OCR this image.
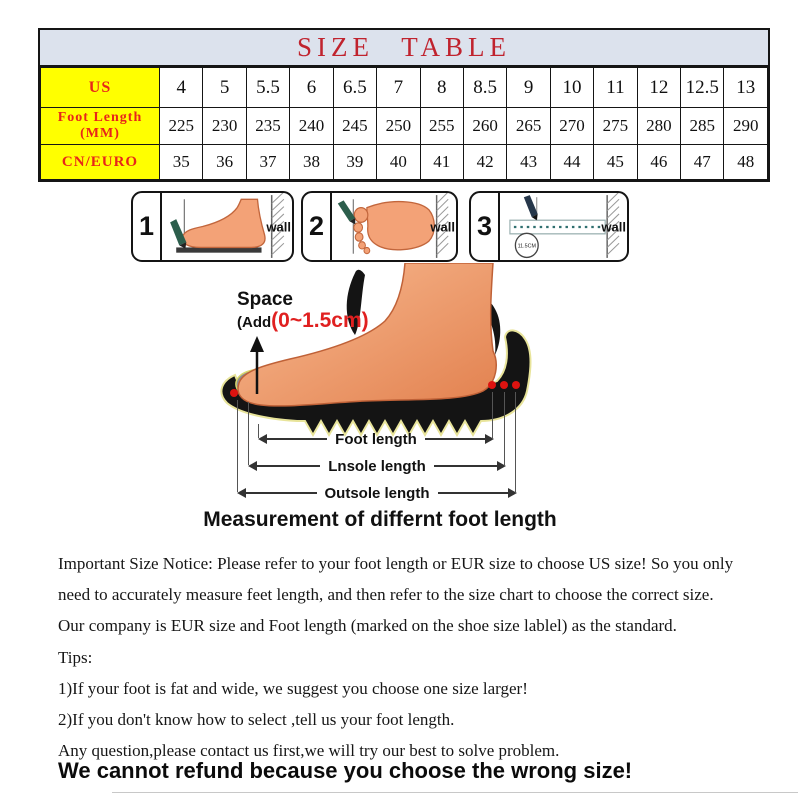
SIZE TABLE
US	4	5	5.5	6	6.5	7	8	8.5	9	10	11	12	12.5	13

Foot Length
(MM)	225	230	235	240	245	250	255	260	265	270	275	280	285	290

CN/EURO	35	36	37	38	39	40	41	42	43	44	45	46	47	48
1	wall 2	wall 3
11.5CM
wall
Space
(Add(0~1.5cm)
Foot length
Lnsole length
Outsole length
Measurement of differnt foot length
Important Size Notice: Please refer to your foot length or EUR size to choose US size! So you only
need to accurately measure feet length, and then refer to the size chart to choose the correct size.
Our company is EUR size and Foot length (marked on the shoe size lablel) as the standard.
Tips:
1)If your foot is fat and wide, we suggest you choose one size larger!
2)If you don't know how to select ,tell us your foot length.
Any question,please contact us first,we will try our best to solve problem.
We cannot refund because you choose the wrong size!
